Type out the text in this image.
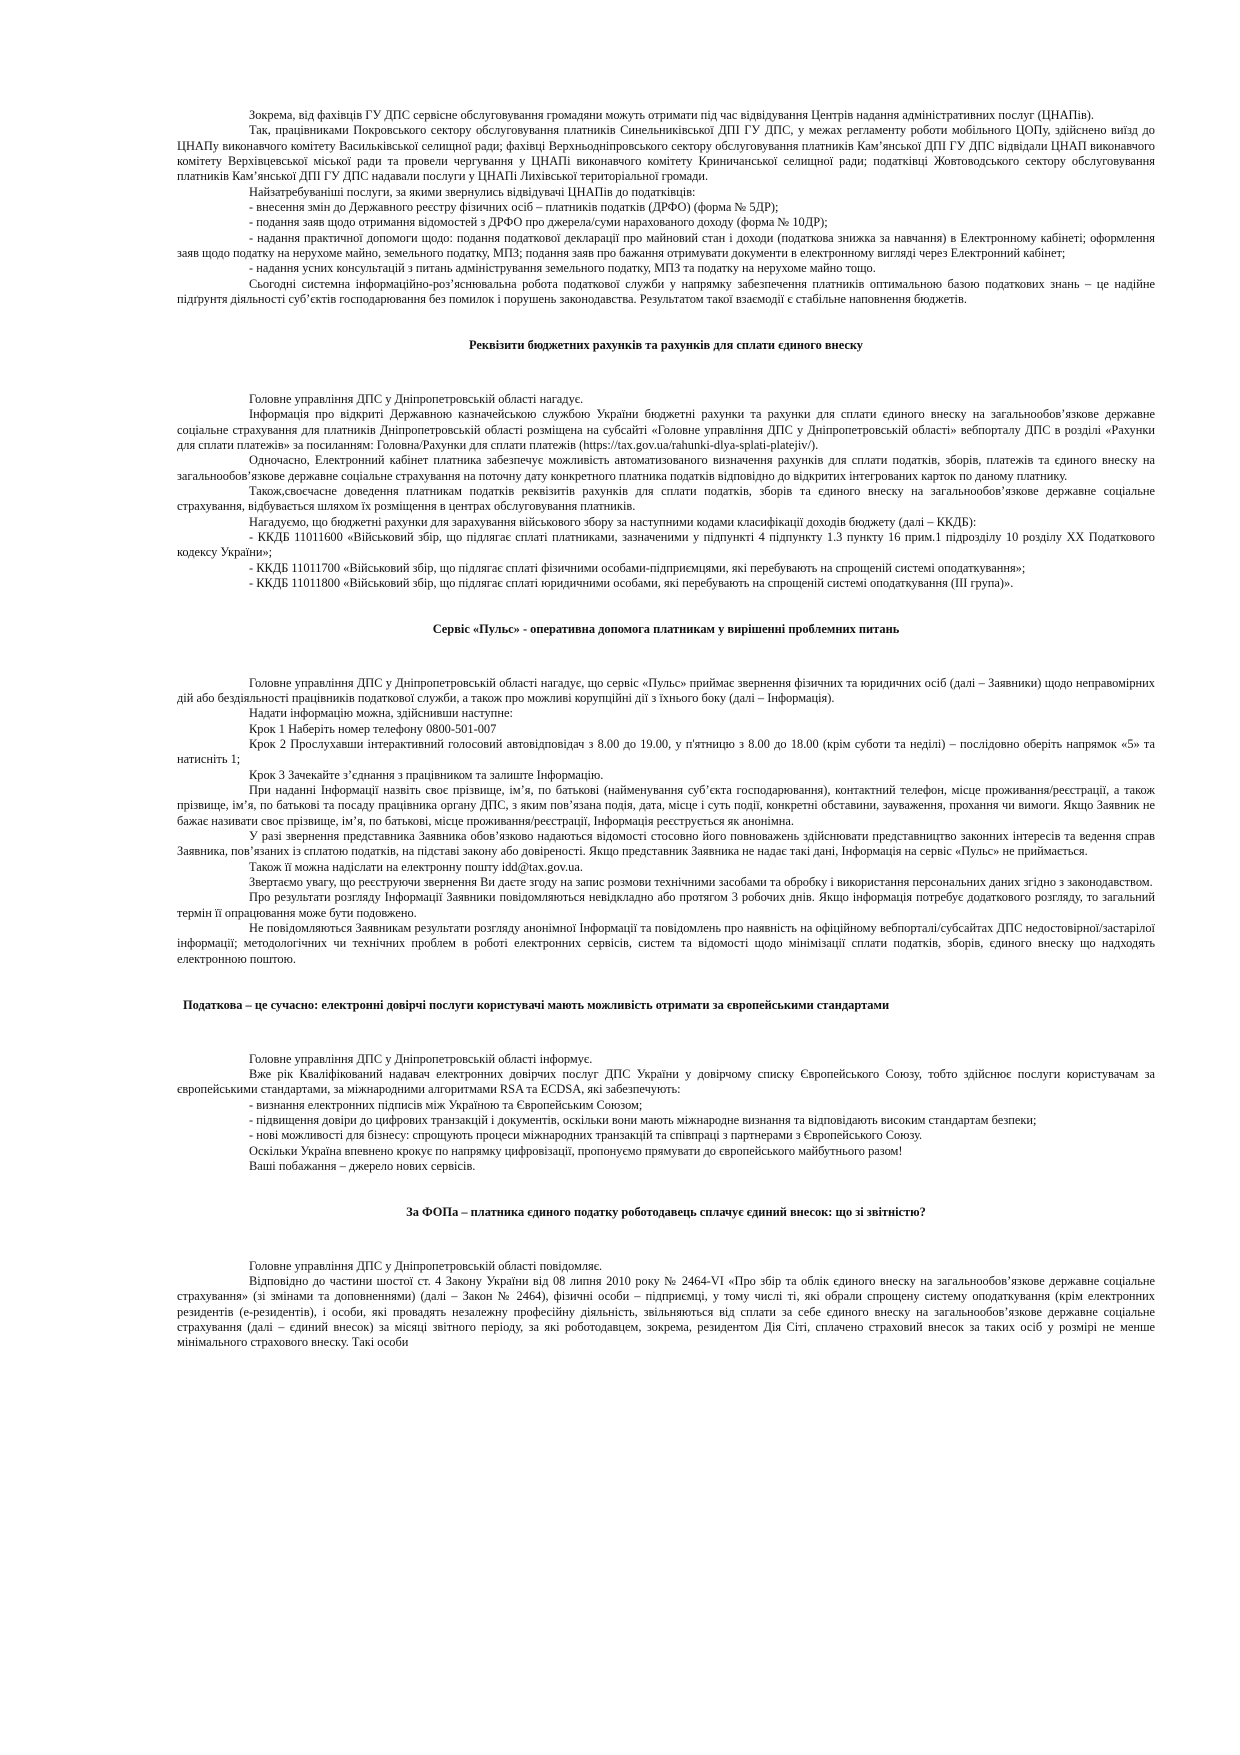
Зокрема, від фахівців ГУ ДПС сервісне обслуговування громадяни можуть отримати під час відвідування Центрів надання адміністративних послуг (ЦНАПів).

Так, працівниками Покровського сектору обслуговування платників Синельниківської ДПІ ГУ ДПС, у межах регламенту роботи мобільного ЦОПу, здійснено виїзд до ЦНАПу виконавчого комітету Васильківської селищної ради; фахівці Верхньодніпровського сектору обслуговування платників Кам’янської ДПІ ГУ ДПС відвідали ЦНАП виконавчого комітету Верхівцевської міської ради та провели чергування у ЦНАПі виконавчого комітету Криничанської селищної ради; податківці Жовтоводського сектору обслуговування платників Кам’янської ДПІ ГУ ДПС надавали послуги у ЦНАПі Лихівської територіальної громади.

Найзатребуваніші послуги, за якими звернулись відвідувачі ЦНАПів до податківців:

- внесення змін до Державного реєстру фізичних осіб – платників податків (ДРФО) (форма № 5ДР);

- подання заяв щодо отримання відомостей з ДРФО про джерела/суми нарахованого доходу (форма № 10ДР);

- надання практичної допомоги щодо: подання податкової декларації про майновий стан і доходи (податкова знижка за навчання) в Електронному кабінеті; оформлення заяв щодо податку на нерухоме майно, земельного податку, МПЗ; подання заяв про бажання отримувати документи в електронному вигляді через Електронний кабінет;

- надання усних консультацій з питань адміністрування земельного податку, МПЗ та податку на нерухоме майно тощо.

Сьогодні системна інформаційно-роз’яснювальна робота податкової служби у напрямку забезпечення платників оптимальною базою податкових знань – це надійне підґрунтя діяльності суб’єктів господарювання без помилок і порушень законодавства. Результатом такої взаємодії є стабільне наповнення бюджетів.

Реквізити бюджетних рахунків та рахунків для сплати єдиного внеску

Головне управління ДПС у Дніпропетровській області нагадує.

Інформація про відкриті Державною казначейською службою України бюджетні рахунки та рахунки для сплати єдиного внеску на загальнообов’язкове державне соціальне страхування для платників Дніпропетровській області розміщена на субсайті «Головне управління ДПС у Дніпропетровській області» вебпорталу ДПС в розділі «Рахунки для сплати платежів» за посиланням: Головна/Рахунки для сплати платежів (https://tax.gov.ua/rahunki-dlya-splati-platejiv/).

Одночасно, Електронний кабінет платника забезпечує можливість автоматизованого визначення рахунків для сплати податків, зборів, платежів та єдиного внеску на загальнообов’язкове державне соціальне страхування на поточну дату конкретного платника податків відповідно до відкритих інтегрованих карток по даному платнику.

Також,своєчасне доведення платникам податків реквізитів рахунків для сплати податків, зборів та єдиного внеску на загальнообов’язкове державне соціальне страхування, відбувається шляхом їх розміщення в центрах обслуговування платників.

Нагадуємо, що бюджетні рахунки для зарахування військового збору за наступними кодами класифікації доходів бюджету (далі – ККДБ):

- ККДБ 11011600 «Військовий збір, що підлягає сплаті платниками, зазначеними у підпункті 4 підпункту 1.3 пункту 16 прим.1 підрозділу 10 розділу XX Податкового кодексу України»;

- ККДБ 11011700 «Військовий збір, що підлягає сплаті фізичними особами-підприємцями, які перебувають на спрощеній системі оподаткування»;

- ККДБ 11011800 «Військовий збір, що підлягає сплаті юридичними особами, які перебувають на спрощеній системі оподаткування (ІІІ група)».

Сервіс «Пульс» - оперативна допомога платникам у вирішенні проблемних питань

Головне управління ДПС у Дніпропетровській області нагадує, що сервіс «Пульс» приймає звернення фізичних та юридичних осіб (далі – Заявники) щодо неправомірних дій або бездіяльності працівників податкової служби, а також про можливі корупційні дії з їхнього боку (далі – Інформація).

Надати інформацію можна, здійснивши наступне:

Крок 1 Наберіть номер телефону 0800-501-007

Крок 2 Прослухавши інтерактивний голосовий автовідповідач з 8.00 до 19.00, у п'ятницю з 8.00 до 18.00 (крім суботи та неділі) – послідовно оберіть напрямок «5» та натисніть 1;

Крок 3 Зачекайте з’єднання з працівником та залиште Інформацію.

При наданні Інформації назвіть своє прізвище, ім’я, по батькові (найменування суб’єкта господарювання), контактний телефон, місце проживання/реєстрації, а також прізвище, ім’я, по батькові та посаду працівника органу ДПС, з яким пов’язана подія, дата, місце і суть події, конкретні обставини, зауваження, прохання чи вимоги. Якщо Заявник не бажає називати своє прізвище, ім’я, по батькові, місце проживання/реєстрації, Інформація реєструється як анонімна.

У разі звернення представника Заявника обов’язково надаються відомості стосовно його повноважень здійснювати представництво законних інтересів та ведення справ Заявника, пов’язаних із сплатою податків, на підставі закону або довіреності. Якщо представник Заявника не надає такі дані, Інформація на сервіс «Пульс» не приймається.

Також її можна надіслати на електронну пошту idd@tax.gov.ua.

Звертаємо увагу, що реєструючи звернення Ви даєте згоду на запис розмови технічними засобами та обробку і використання персональних даних згідно з законодавством.

Про результати розгляду Інформації Заявники повідомляються невідкладно або протягом 3 робочих днів. Якщо інформація потребує додаткового розгляду, то загальний термін її опрацювання може бути подовжено.

Не повідомляються Заявникам результати розгляду анонімної Інформації та повідомлень про наявність на офіційному вебпорталі/субсайтах ДПС недостовірної/застарілої інформації; методологічних чи технічних проблем в роботі електронних сервісів, систем та відомості щодо мінімізації сплати податків, зборів, єдиного внеску що надходять електронною поштою.

Податкова – це сучасно: електронні довірчі послуги користувачі мають можливість отримати за європейськими стандартами

Головне управління ДПС у Дніпропетровській області інформує.

Вже рік Кваліфікований надавач електронних довірчих послуг ДПС України у довірчому списку Європейського Союзу, тобто здійснює послуги користувачам за європейськими стандартами, за міжнародними алгоритмами RSA та ECDSA, які забезпечують:

- визнання електронних підписів між Україною та Європейським Союзом;

- підвищення довіри до цифрових транзакцій і документів, оскільки вони мають міжнародне визнання та відповідають високим стандартам безпеки;

- нові можливості для бізнесу: спрощують процеси міжнародних транзакцій та співпраці з партнерами з Європейського Союзу.

Оскільки Україна впевнено крокує по напрямку цифровізації, пропонуємо прямувати до європейського майбутнього разом!

Ваші побажання – джерело нових сервісів.

За ФОПа – платника єдиного податку роботодавець сплачує єдиний внесок: що зі звітністю?

Головне управління ДПС у Дніпропетровській області повідомляє.

Відповідно до частини шостої ст. 4 Закону України від 08 липня 2010 року № 2464-VI «Про збір та облік єдиного внеску на загальнообов’язкове державне соціальне страхування» (зі змінами та доповненнями) (далі – Закон № 2464), фізичні особи – підприємці, у тому числі ті, які обрали спрощену систему оподаткування (крім електронних резидентів (е-резидентів), і особи, які провадять незалежну професійну діяльність, звільняються від сплати за себе єдиного внеску на загальнообов’язкове державне соціальне страхування (далі – єдиний внесок) за місяці звітного періоду, за які роботодавцем, зокрема, резидентом Дія Сіті, сплачено страховий внесок за таких осіб у розмірі не менше мінімального страхового внеску. Такі особи
